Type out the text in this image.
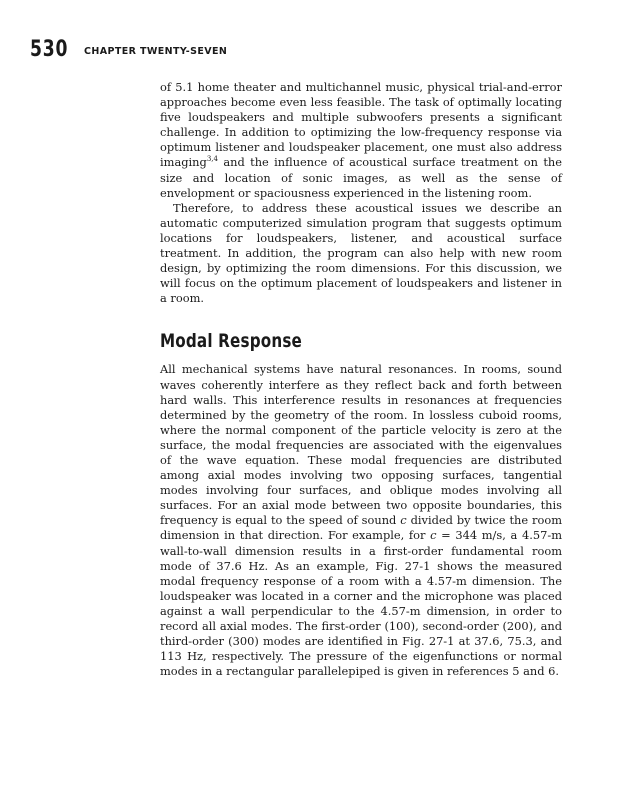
530 CHAPTER TWENTY-SEVEN

of 5.1 home theater and multichannel music, physical trial-and-error approaches become even less feasible. The task of optimally locating five loudspeakers and multiple subwoofers presents a significant challenge. In addition to optimizing the low-frequency response via optimum listener and loudspeaker placement, one must also address imaging$^{3,4}$ and the influence of acoustical surface treatment on the size and location of sonic images, as well as the sense of envelopment or spaciousness experienced in the listening room.

Therefore, to address these acoustical issues we describe an automatic computerized simulation program that suggests optimum locations for loudspeakers, listener, and acoustical surface treatment. In addition, the program can also help with new room design, by optimizing the room dimensions. For this discussion, we will focus on the optimum placement of loudspeakers and listener in a room.

Modal Response

All mechanical systems have natural resonances. In rooms, sound waves coherently interfere as they reflect back and forth between hard walls. This interference results in resonances at frequencies determined by the geometry of the room. In lossless cuboid rooms, where the normal component of the particle velocity is zero at the surface, the modal frequencies are associated with the eigenvalues of the wave equation. These modal frequencies are distributed among axial modes involving two opposing surfaces, tangential modes involving four surfaces, and oblique modes involving all surfaces. For an axial mode between two opposite boundaries, this frequency is equal to the speed of sound c divided by twice the room dimension in that direction. For example, for c = 344 m/s, a 4.57-m wall-to-wall dimension results in a first-order fundamental room mode of 37.6 Hz. As an example, Fig. 27-1 shows the measured modal frequency response of a room with a 4.57-m dimension. The loudspeaker was located in a corner and the microphone was placed against a wall perpendicular to the 4.57-m dimension, in order to record all axial modes. The first-order (100), second-order (200), and third-order (300) modes are identified in Fig. 27-1 at 37.6, 75.3, and 113 Hz, respectively. The pressure of the eigenfunctions or normal modes in a rectangular parallelepiped is given in references 5 and 6.
